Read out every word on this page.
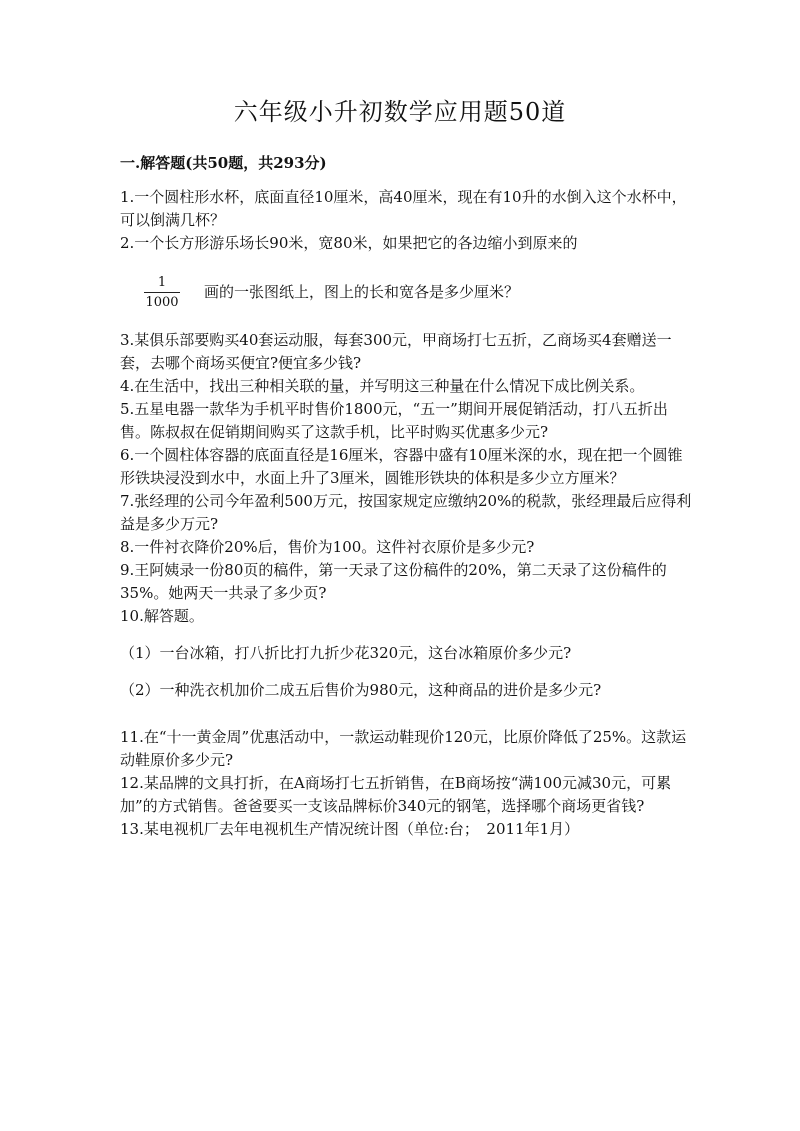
六年级小升初数学应用题50道
一.解答题(共50题，共293分)

1.一个圆柱形水杯，底面直径10厘米，高40厘米，现在有10升的水倒入这个水杯中，可以倒满几杯？

2.一个长方形游乐场长90米，宽80米，如果把它的各边缩小到原来的

$\frac{1}{1000}$ 画的一张图纸上，图上的长和宽各是多少厘米？

3.某俱乐部要购买40套运动服，每套300元，甲商场打七五折，乙商场买4套赠送一套，去哪个商场买便宜?便宜多少钱?

4.在生活中，找出三种相关联的量，并写明这三种量在什么情况下成比例关系。

5.五星电器一款华为手机平时售价1800元，“五一”期间开展促销活动，打八五折出售。陈叔叔在促销期间购买了这款手机，比平时购买优惠多少元?

6.一个圆柱体容器的底面直径是16厘米，容器中盛有10厘米深的水，现在把一个圆锥形铁块浸没到水中，水面上升了3厘米，圆锥形铁块的体积是多少立方厘米？

7.张经理的公司今年盈利500万元，按国家规定应缴纳20%的税款，张经理最后应得利益是多少万元?

8.一件衬衣降价20%后，售价为100。这件衬衣原价是多少元?

9.王阿姨录一份80页的稿件，第一天录了这份稿件的20%，第二天录了这份稿件的35%。她两天一共录了多少页?

10.解答题。

（1）一台冰箱，打八折比打九折少花320元，这台冰箱原价多少元?

（2）一种洗衣机加价二成五后售价为980元，这种商品的进价是多少元?

11.在“十一黄金周”优惠活动中，一款运动鞋现价120元，比原价降低了25%。这款运动鞋原价多少元?

12.某品牌的文具打折，在A商场打七五折销售，在B商场按“满100元减30元，可累加”的方式销售。爸爸要买一支该品牌标价340元的钢笔，选择哪个商场更省钱?

13.某电视机厂去年电视机生产情况统计图（单位:台；　2011年1月）
